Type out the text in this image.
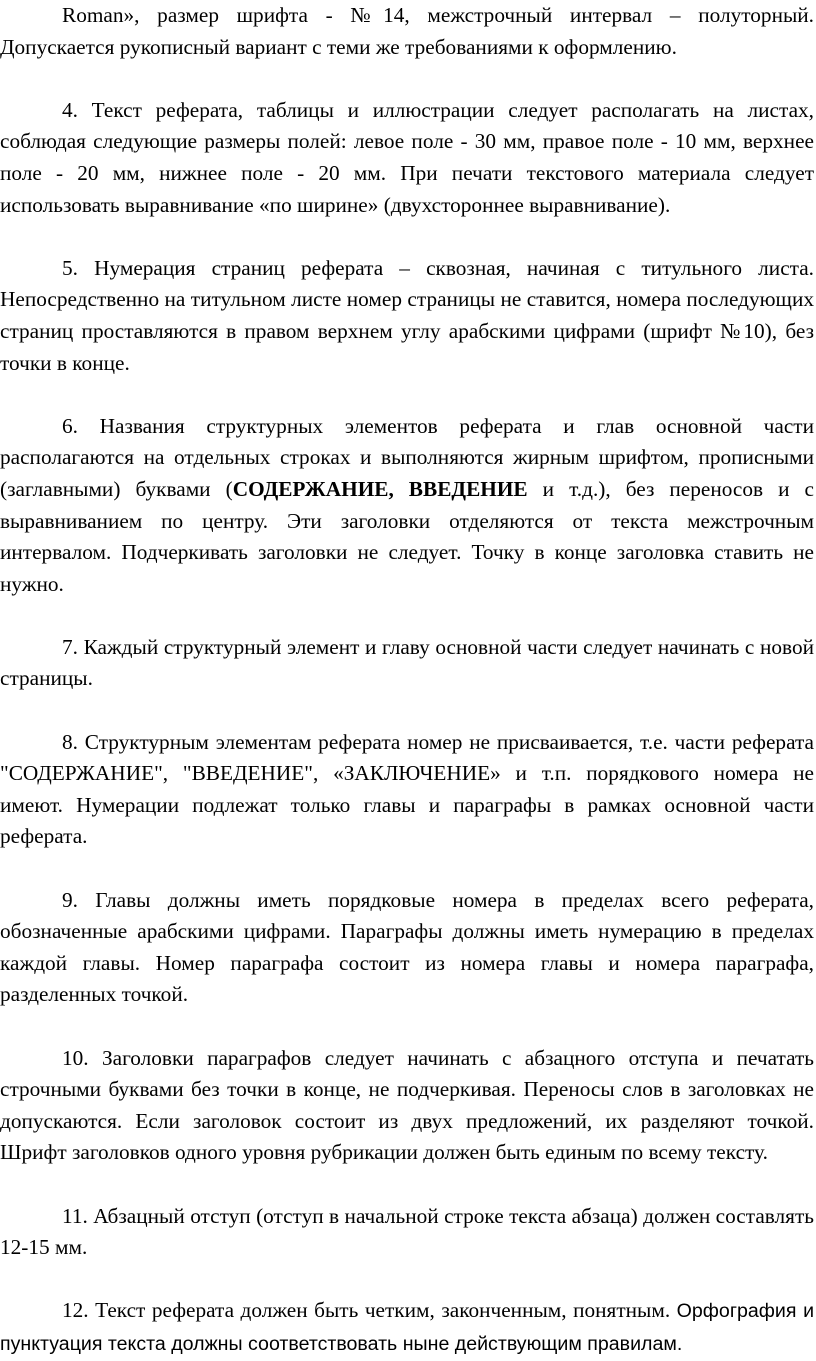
Roman», размер шрифта - №14, межстрочный интервал – полуторный. Допускается рукописный вариант с теми же требованиями к оформлению.

4. Текст реферата, таблицы и иллюстрации следует располагать на листах, соблюдая следующие размеры полей: левое поле - 30 мм, правое поле - 10 мм, верхнее поле - 20 мм, нижнее поле - 20 мм. При печати текстового материала следует использовать выравнивание «по ширине» (двухстороннее выравнивание).

5. Нумерация страниц реферата – сквозная, начиная с титульного листа. Непосредственно на титульном листе номер страницы не ставится, номера последующих страниц проставляются в правом верхнем углу арабскими цифрами (шрифт №10), без точки в конце.

6. Названия структурных элементов реферата и глав основной части располагаются на отдельных строках и выполняются жирным шрифтом, прописными (заглавными) буквами (СОДЕРЖАНИЕ, ВВЕДЕНИЕ и т.д.), без переносов и с выравниванием по центру. Эти заголовки отделяются от текста межстрочным интервалом. Подчеркивать заголовки не следует. Точку в конце заголовка ставить не нужно.

7. Каждый структурный элемент и главу основной части следует начинать с новой страницы.

8. Структурным элементам реферата номер не присваивается, т.е. части реферата "СОДЕРЖАНИЕ", "ВВЕДЕНИЕ", «ЗАКЛЮЧЕНИЕ» и т.п. порядкового номера не имеют. Нумерации подлежат только главы и параграфы в рамках основной части реферата.

9. Главы должны иметь порядковые номера в пределах всего реферата, обозначенные арабскими цифрами. Параграфы должны иметь нумерацию в пределах каждой главы. Номер параграфа состоит из номера главы и номера параграфа, разделенных точкой.

10. Заголовки параграфов следует начинать с абзацного отступа и печатать строчными буквами без точки в конце, не подчеркивая. Переносы слов в заголовках не допускаются. Если заголовок состоит из двух предложений, их разделяют точкой. Шрифт заголовков одного уровня рубрикации должен быть единым по всему тексту.

11. Абзацный отступ (отступ в начальной строке текста абзаца) должен составлять 12-15 мм.

12. Текст реферата должен быть четким, законченным, понятным. Орфография и пунктуация текста должны соответствовать ныне действующим правилам.
